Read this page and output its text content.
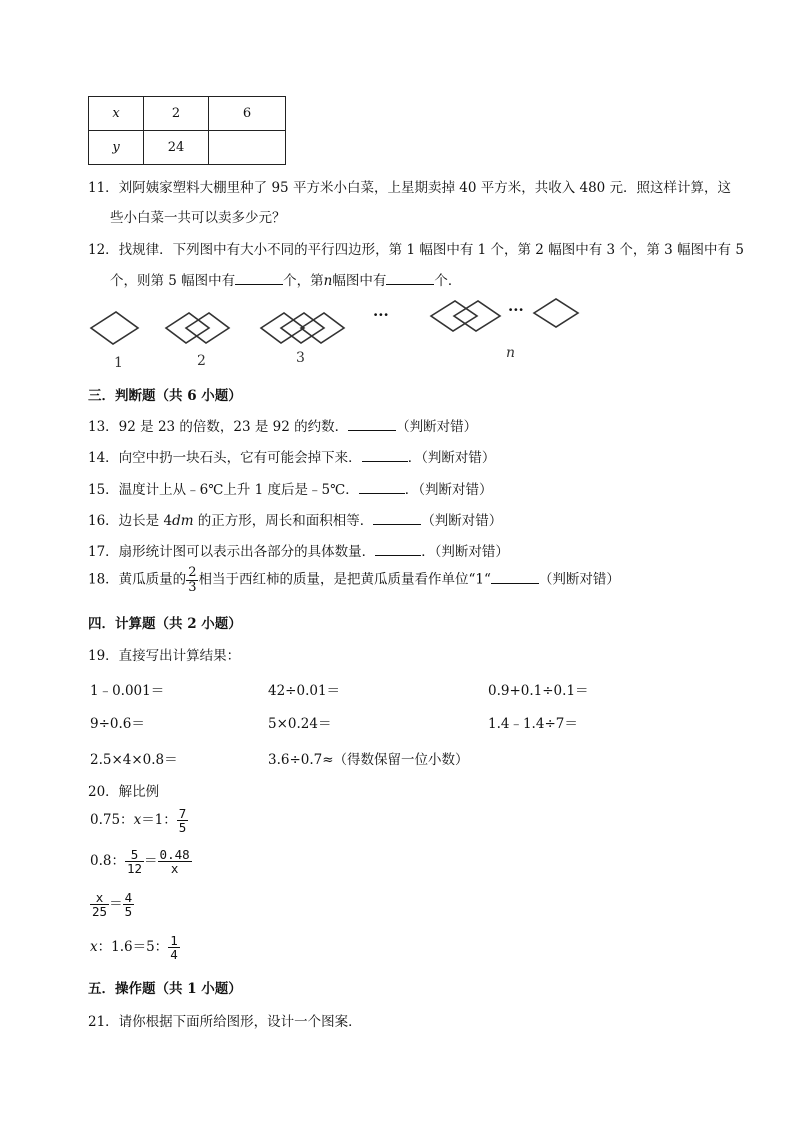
x	2	6
y	24	
11．刘阿姨家塑料大棚里种了 95 平方米小白菜，上星期卖掉 40 平方米，共收入 480 元．照这样计算，这
些小白菜一共可以卖多少元？
12．找规律．下列图中有大小不同的平行四边形，第 1 幅图中有 1 个，第 2 幅图中有 3 个，第 3 幅图中有 5
个，则第 5 幅图中有	个，第n幅图中有	个．
···	···
1	2	3	n
三．判断题（共 6 小题）
13．92 是 23 的倍数，23 是 92 的约数．	（判断对错）
14．向空中扔一块石头，它有可能会掉下来．	．（判断对错）
15．温度计上从﹣6℃上升 1 度后是﹣5℃．	．（判断对错）
16．边长是 4dm 的正方形，周长和面积相等．	（判断对错）
17．扇形统计图可以表示出各部分的具体数量．	．（判断对错）
18．黄瓜质量的 $\frac{2}{3}$ 相当于西红柿的质量，是把黄瓜质量看作单位“1“	（判断对错）
四．计算题（共 2 小题）
19．直接写出计算结果：
1﹣0.001＝	42÷0.01＝	0.9+0.1÷0.1＝
9÷0.6＝	5×0.24＝	1.4﹣1.4÷7＝
2.5×4×0.8＝	3.6÷0.7≈（得数保留一位小数）
20．解比例
0.75：x＝1： $\frac{7}{5}$
0.8： $\frac{5}{12} = \frac{0.48}{x}$
$\frac{x}{25} = \frac{4}{5}$
x：1.6＝5： $\frac{1}{4}$
五．操作题（共 1 小题）
21．请你根据下面所给图形，设计一个图案．
